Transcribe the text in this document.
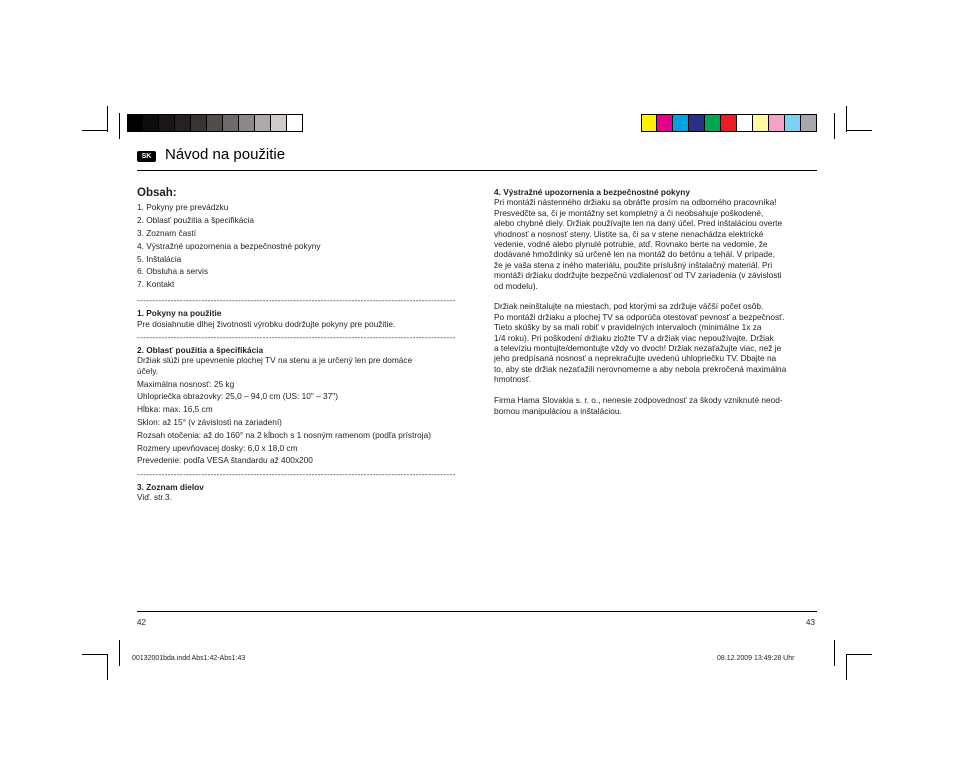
SK Návod na použitie
Obsah:
1. Pokyny pre prevádzku
2. Oblasť použitia a špecifikácia
3. Zoznam častí
4. Výstražné upozornenia a bezpečnostné pokyny
5. Inštalácia
6. Obsluha a servis
7. Kontakt
--------------------------------------------------------------------------------------------------------
1. Pokyny na použitie
Pre dosiahnutie dlhej životnosti výrobku dodržujte pokyny pre použitie.
--------------------------------------------------------------------------------------------------------
2. Oblasť použitia a špecifikácia
Držiak slúži pre upevnenie plochej TV na stenu a je určený len pre domáce
účely.
Maximálna nosnosť: 25 kg
Uhlopriečka obrazovky: 25,0 – 94,0 cm (US: 10" – 37")
Hĺbka: max. 16,5 cm
Sklon: až 15° (v závislosti na zariadení)
Rozsah otočenia: až do 160° na 2 kĺboch s 1 nosným ramenom (podľa prístroja)
Rozmery upevňovacej dosky: 6,0 x 18,0 cm
Prevedenie: podľa VESA štandardu až 400x200
--------------------------------------------------------------------------------------------------------
3. Zoznam dielov
Viď. str.3.
4. Výstražné upozornenia a bezpečnostné pokyny
Pri montáži nástenného držiaku sa obráťte prosím na odborného pracovníka!
Presvedčte sa, či je montážny set kompletný a či neobsahuje poškodené,
alebo chybné diely. Držiak používajte len na daný účel. Pred inštaláciou overte
vhodnosť a nosnosť steny. Uistite sa, či sa v stene nenachádza elektrické
vedenie, vodné alebo plynulé potrubie, atď. Rovnako berte na vedomie, že
dodávané hmoždinky sú určené len na montáž do betónu a tehál. V prípade,
že je vaša stena z iného materiálu, použite príslušný inštalačný materiál. Pri
montáži držiaku dodržujte bezpečnú vzdialenosť od TV zariadenia (v závislosti
od modelu).
Držiak neinštalujte na miestach, pod ktorými sa zdržuje väčší počet osôb.
Po montáži držiaku a plochej TV sa odporúča otestovať pevnosť a bezpečnosť.
Tieto skúšky by sa mali robiť v pravidelných intervaloch (minimálne 1x za
1/4 roku). Pri poškodení držiaku zložte TV a držiak viac nepoužívajte. Držiak
a televíziu montujte/demontujte vždy vo dvoch! Držiak nezaťažujte viac, než je
jeho predpísaná nosnosť a neprekračujte uvedenú uhlopriečku TV. Dbajte na
to, aby ste držiak nezaťažili nerovnomerne a aby nebola prekročená maximálna
hmotnosť.
Firma Hama Slovakia s. r. o., nenesie zodpovednosť za škody vzniknuté neod-
bornou manipuláciou a inštaláciou.
42	43
00132001bda.indd Abs1:42-Abs1:43	08.12.2009 13:49:28 Uhr
